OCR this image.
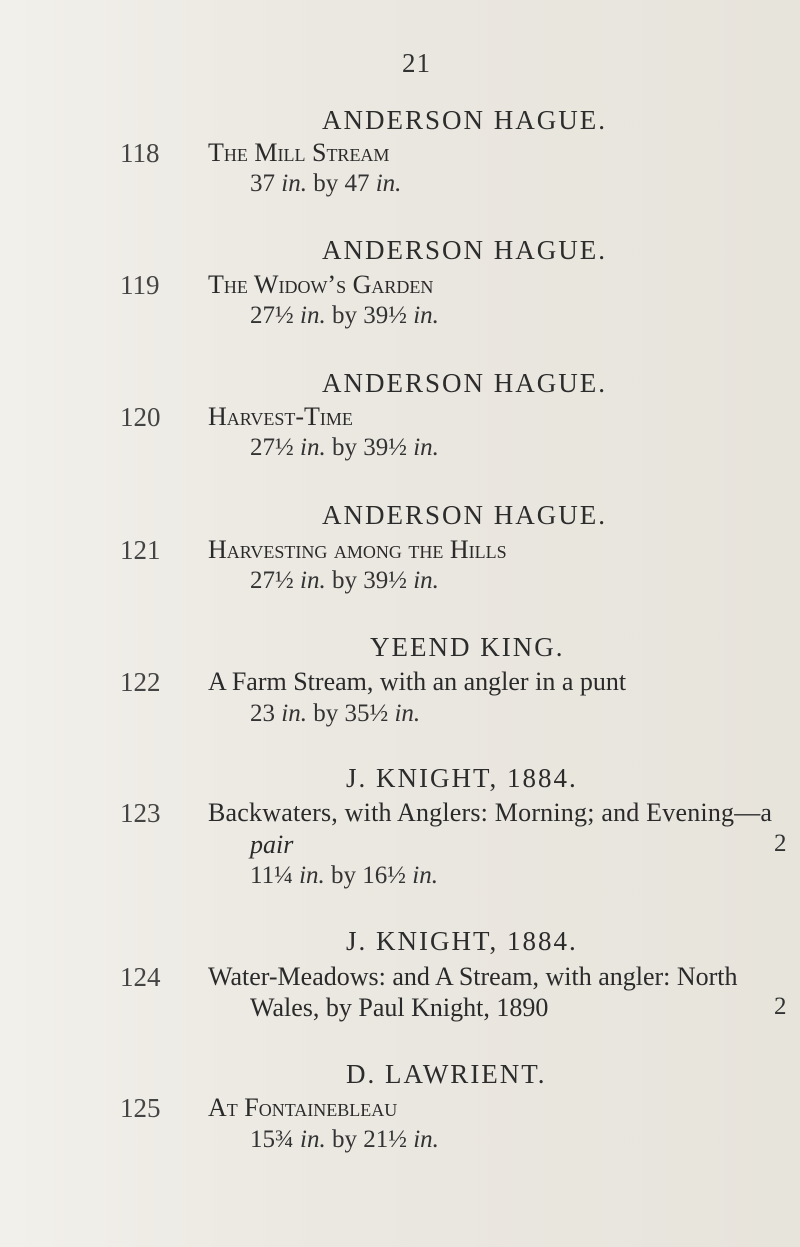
21
ANDERSON HAGUE.
118 The Mill Stream
37 in. by 47 in.
ANDERSON HAGUE.
119 The Widow’s Garden
27½ in. by 39½ in.
ANDERSON HAGUE.
120 Harvest-Time
27½ in. by 39½ in.
ANDERSON HAGUE.
121 Harvesting among the Hills
27½ in. by 39½ in.
YEEND KING.
122 A Farm Stream, with an angler in a punt
23 in. by 35½ in.
J. KNIGHT, 1884.
123 Backwaters, with Anglers: Morning; and Evening—a
pair	2
11¼ in. by 16½ in.
J. KNIGHT, 1884.
124 Water-Meadows: and A Stream, with angler: North
Wales, by Paul Knight, 1890	2
D. LAWRIENT.
125 At Fontainebleau
15¾ in. by 21½ in.
